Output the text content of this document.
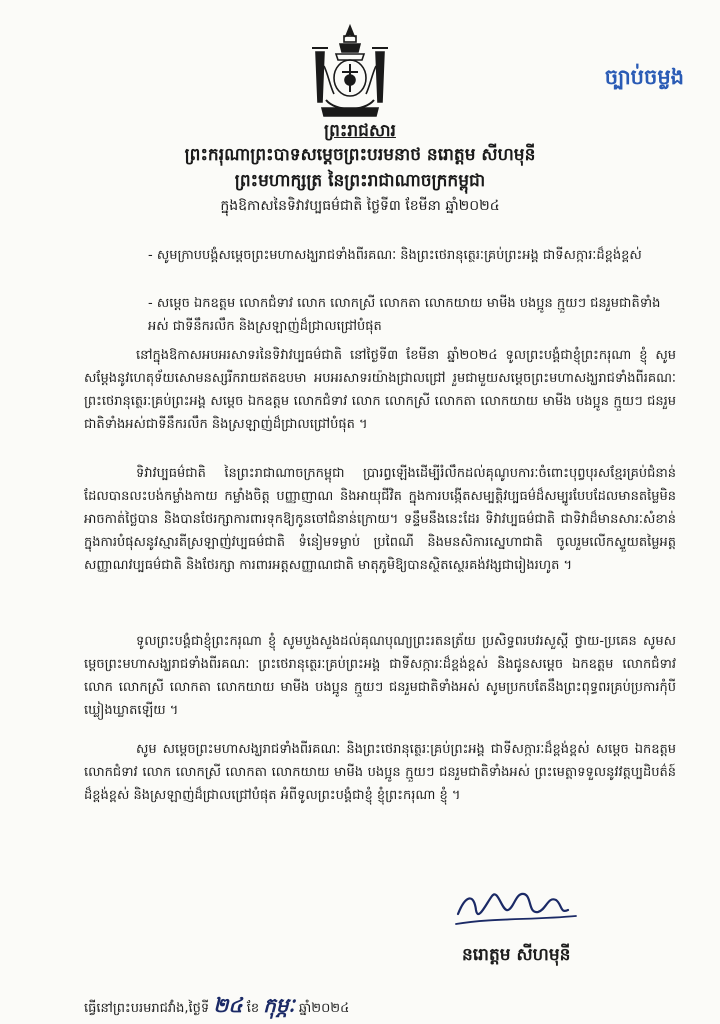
ច្បាប់ចម្លង
ព្រះរាជសារ
ព្រះករុណាព្រះបាទសម្តេចព្រះបរមនាថ នរោត្តម សីហមុនី
ព្រះមហាក្សត្រ នៃព្រះរាជាណាចក្រកម្ពុជា
ក្នុងឱកាសនៃទិវាវប្បធម៌ជាតិ ថ្ងៃទី៣ ខែមីនា ឆ្នាំ២០២៤
- សូមក្រាបបង្គំសម្តេចព្រះមហាសង្ឃរាជទាំងពីរគណៈ និងព្រះថេរានុត្ថេរៈគ្រប់ព្រះអង្គ ជាទីសក្ការៈដ៏ខ្ពង់ខ្ពស់
- សម្តេច ឯកឧត្តម លោកជំទាវ លោក លោកស្រី លោកតា លោកយាយ មាមីង បងប្អូន ក្មួយៗ ជនរួមជាតិទាំងអស់ ជាទីនឹករលឹក និងស្រឡាញ់ដ៏ជ្រាលជ្រៅបំផុត
នៅក្នុងឱកាសអបអរសាទរនៃទិវាវប្បធម៌ជាតិ នៅថ្ងៃទី៣ ខែមីនា ឆ្នាំ២០២៤ ទូលព្រះបង្គំជាខ្ញុំព្រះករុណា ខ្ញុំ សូមសម្តែងនូវហេតុទ័យសោមនស្សរីករាយឥតឧបមា អបអរសាទរយ៉ាងជ្រាលជ្រៅ រួមជាមួយសម្តេចព្រះមហាសង្ឃរាជទាំងពីរគណៈ ព្រះថេរានុត្ថេរៈគ្រប់ព្រះអង្គ សម្តេច ឯកឧត្តម លោកជំទាវ លោក លោកស្រី លោកតា លោកយាយ មាមីង បងប្អូន ក្មួយៗ ជនរួមជាតិទាំងអស់ជាទីនឹករលឹក និងស្រឡាញ់ដ៏ជ្រាលជ្រៅបំផុត ។
ទិវាវប្បធម៌ជាតិ នៃព្រះរាជាណាចក្រកម្ពុជា ប្រារព្ធឡើងដើម្បីរំលឹកដល់គុណូបការៈចំពោះបុព្វបុរសខ្មែរគ្រប់ជំនាន់ ដែលបានលះបង់កម្លាំងកាយ កម្លាំងចិត្ត បញ្ញាញាណ និងអាយុជីវិត ក្នុងការបង្កើតសម្បត្តិវប្បធម៌ដ៏សម្បូរបែបដែលមានតម្លៃមិនអាចកាត់ថ្លៃបាន និងបានថែរក្សាការពារទុកឱ្យកូនចៅជំនាន់ក្រោយ។ ទន្ទឹមនឹងនេះដែរ ទិវាវប្បធម៌ជាតិ ជាទិវាដ៏មានសារៈសំខាន់ក្នុងការបំផុសនូវស្មារតីស្រឡាញ់វប្បធម៌ជាតិ ទំនៀមទម្លាប់ ប្រពៃណី និងមនសិការស្នេហាជាតិ ចូលរួមលើកស្ទួយតម្លៃអត្តសញ្ញាណវប្បធម៌ជាតិ និងថែរក្សា ការពារអត្តសញ្ញាណជាតិ មាតុភូមិឱ្យបានស្ថិតស្ថេរគង់វង្សជារៀងរហូត ។
ទូលព្រះបង្គំជាខ្ញុំព្រះករុណា ខ្ញុំ សូមបួងសួងដល់គុណបុណ្យព្រះរតនត្រ័យ ប្រសិទ្ធពរបវរសួស្តី ថ្វាយ-ប្រគេន សូមសម្តេចព្រះមហាសង្ឃរាជទាំងពីរគណៈ ព្រះថេរានុត្ថេរៈគ្រប់ព្រះអង្គ ជាទីសក្ការៈដ៏ខ្ពង់ខ្ពស់ និងជូនសម្តេច ឯកឧត្តម លោកជំទាវ លោក លោកស្រី លោកតា លោកយាយ មាមីង បងប្អូន ក្មួយៗ ជនរួមជាតិទាំងអស់ សូមប្រកបតែនឹងព្រះពុទ្ធពរគ្រប់ប្រការកុំបីឃ្លៀងឃ្លាតឡើយ ។
សូម សម្តេចព្រះមហាសង្ឃរាជទាំងពីរគណៈ និងព្រះថេរានុត្ថេរៈគ្រប់ព្រះអង្គ ជាទីសក្ការៈដ៏ខ្ពង់ខ្ពស់ សម្តេច ឯកឧត្តម លោកជំទាវ លោក លោកស្រី លោកតា លោកយាយ មាមីង បងប្អូន ក្មួយៗ ជនរួមជាតិទាំងអស់ ព្រះមេត្តាទទួលនូវវត្តប្បដិបត៌ន៍ដ៏ខ្ពង់ខ្ពស់ និងស្រឡាញ់ដ៏ជ្រាលជ្រៅបំផុត អំពីទូលព្រះបង្គំជាខ្ញុំ ខ្ញុំព្រះករុណា ខ្ញុំ ។
នរោត្តម សីហមុនី
ធ្វើនៅព្រះបរមរាជវាំង,ថ្ងៃទី ២៤ ខែ កុម្ភៈ ឆ្នាំ២០២៤
